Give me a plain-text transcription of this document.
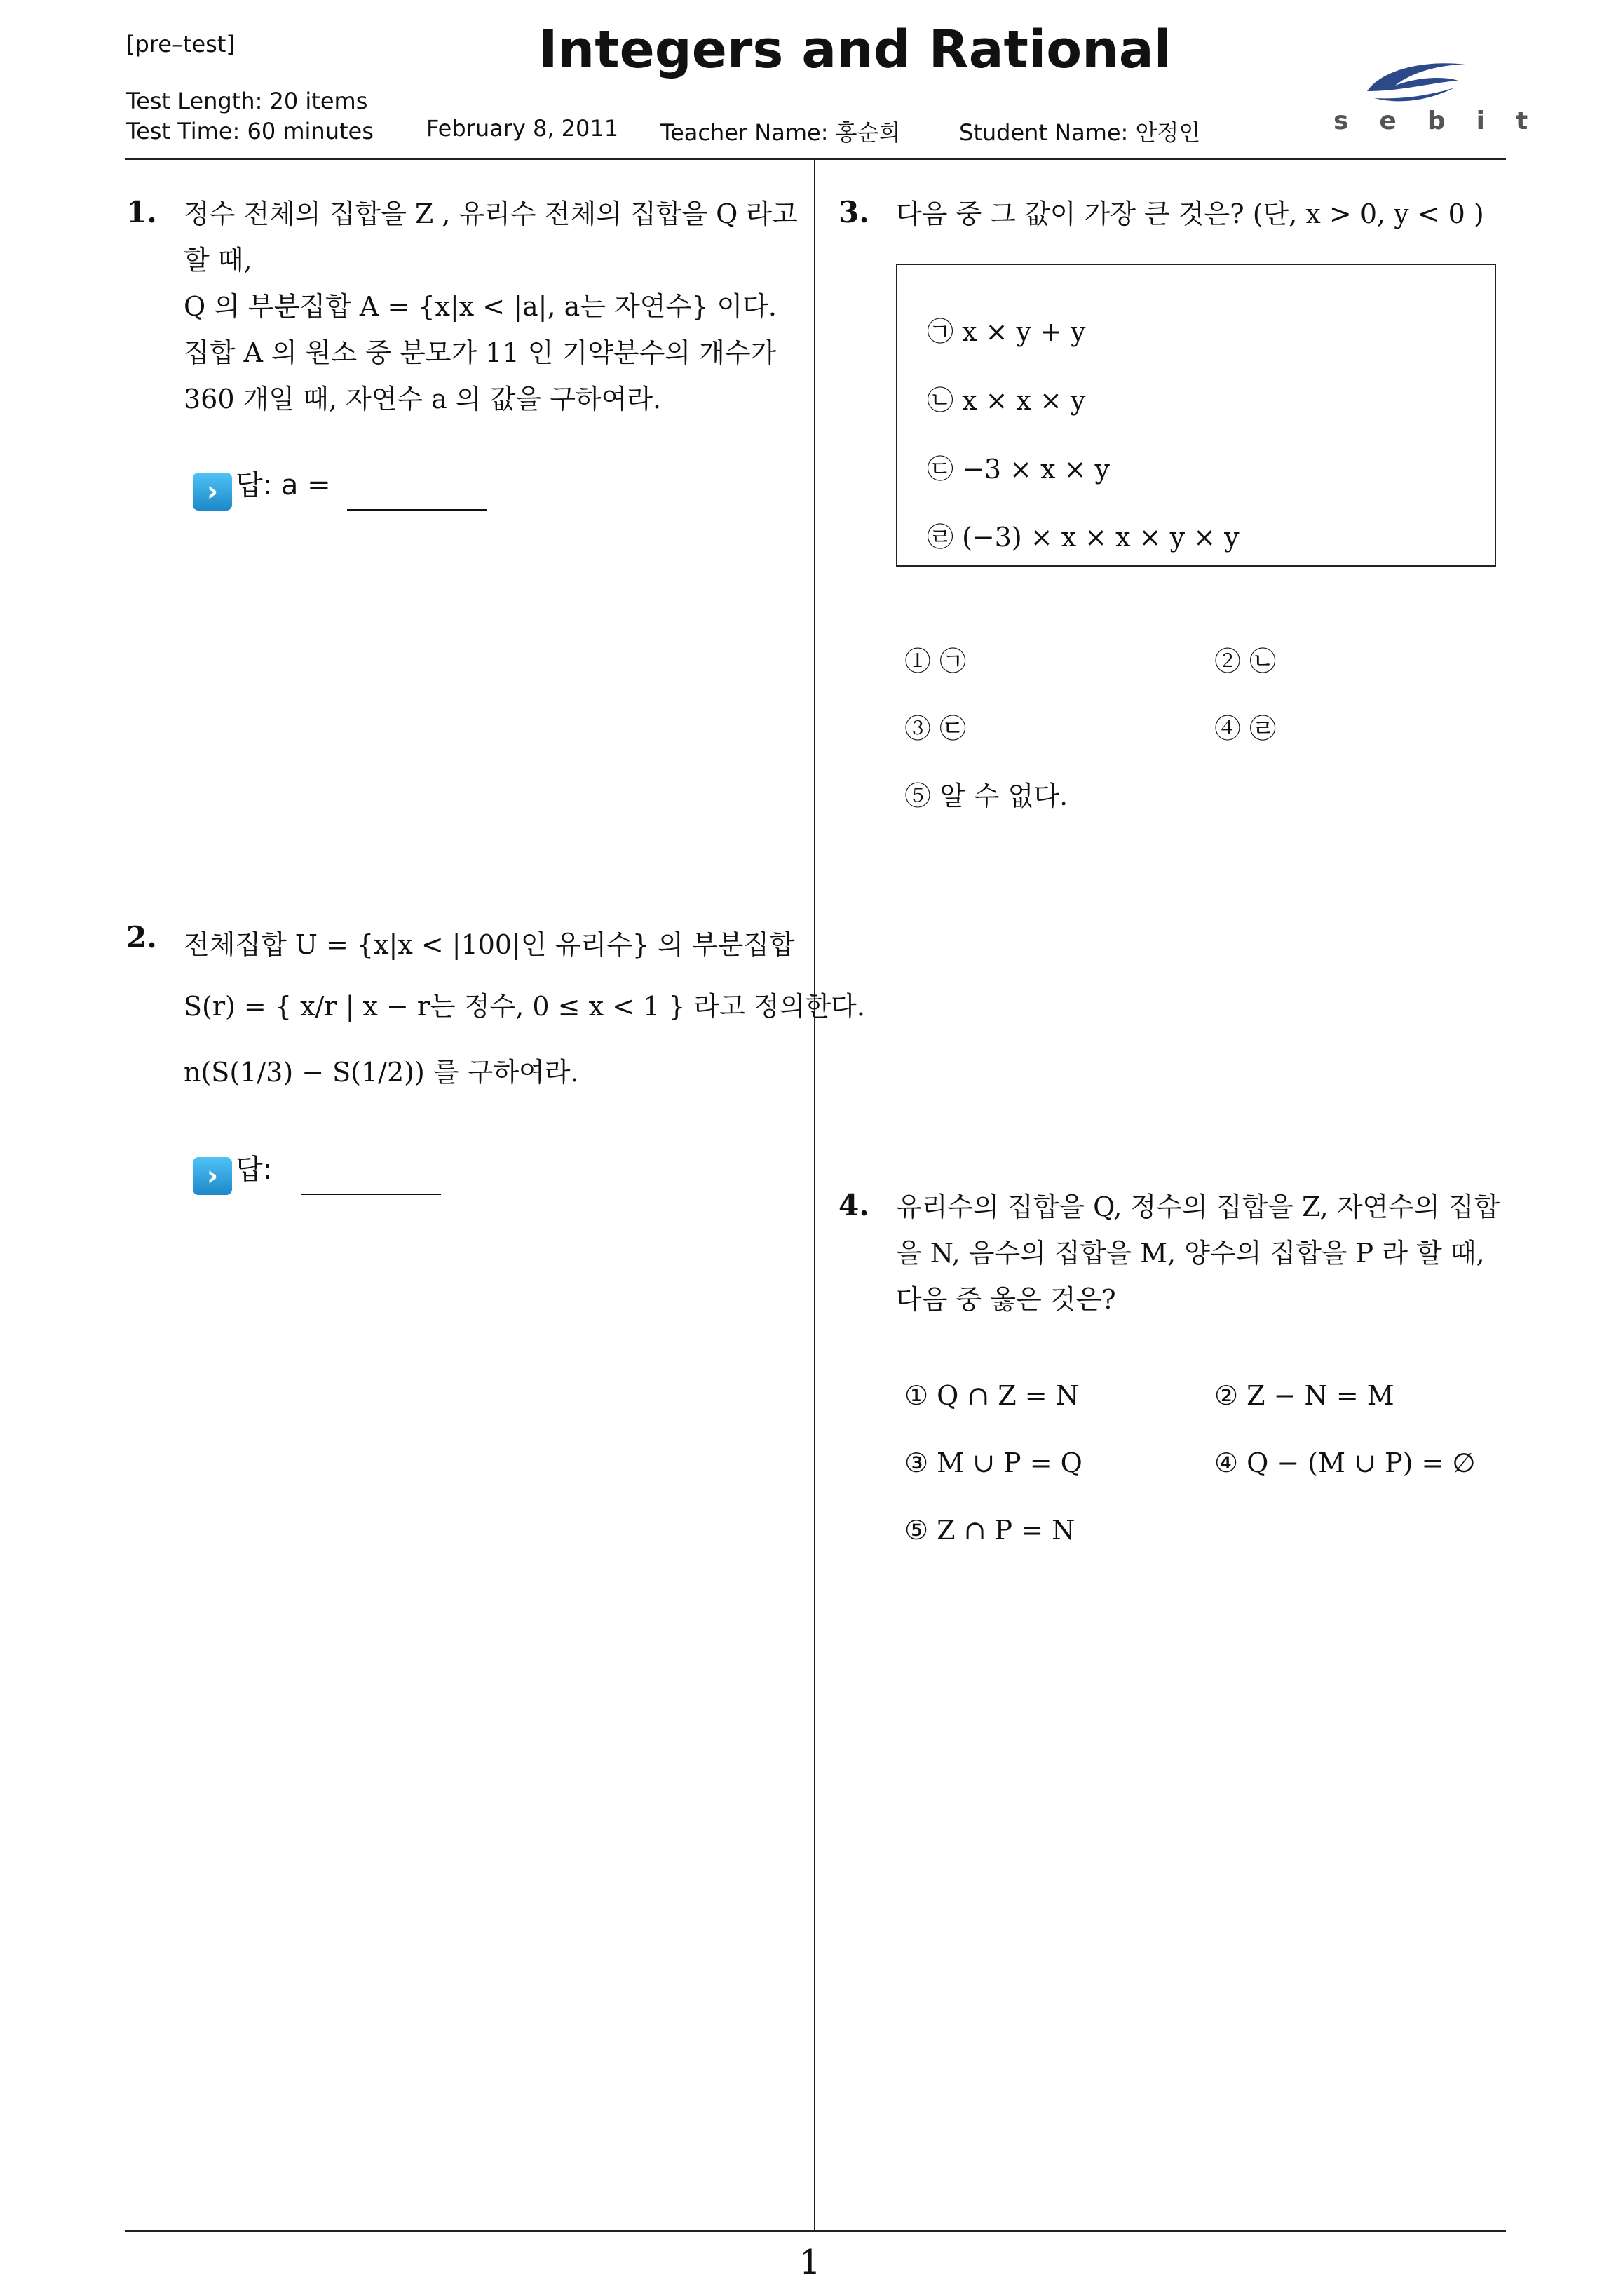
[pre–test]	Integers and Rational
Test Length: 20 items
Test Time: 60 minutes February 8, 2011 Teacher Name: 홍순희	Student Name: 안정인	sebit
1. 정수 전체의 집합을 Z , 유리수 전체의 집합을 Q 라고
할 때,
Q 의 부분집합 A = {x|x < |a|, a는 자연수} 이다.
집합 A 의 원소 중 분모가 11 인 기약분수의 개수가
360 개일 때, 자연수 a 의 값을 구하여라.
› 답: a =
2. 전체집합 U = {x|x < |100|인 유리수} 의 부분집합
S(r) = { x/r | x − r는 정수, 0 ≤ x < 1 } 라고 정의한다.
n(S(1/3) − S(1/2)) 를 구하여라.
› 답:
3. 다음 중 그 값이 가장 큰 것은? (단, x > 0, y < 0 )
㉠ x × y + y
㉡ x × x × y
㉢ −3 × x × y
㉣ (−3) × x × x × y × y
① ㉠	② ㉡
③ ㉢	④ ㉣
⑤ 알 수 없다.
4. 유리수의 집합을 Q, 정수의 집합을 Z, 자연수의 집합
을 N, 음수의 집합을 M, 양수의 집합을 P 라 할 때,
다음 중 옳은 것은?
① Q ∩ Z = N	② Z − N = M
③ M ∪ P = Q	④ Q − (M ∪ P) = ∅
⑤ Z ∩ P = N
1
